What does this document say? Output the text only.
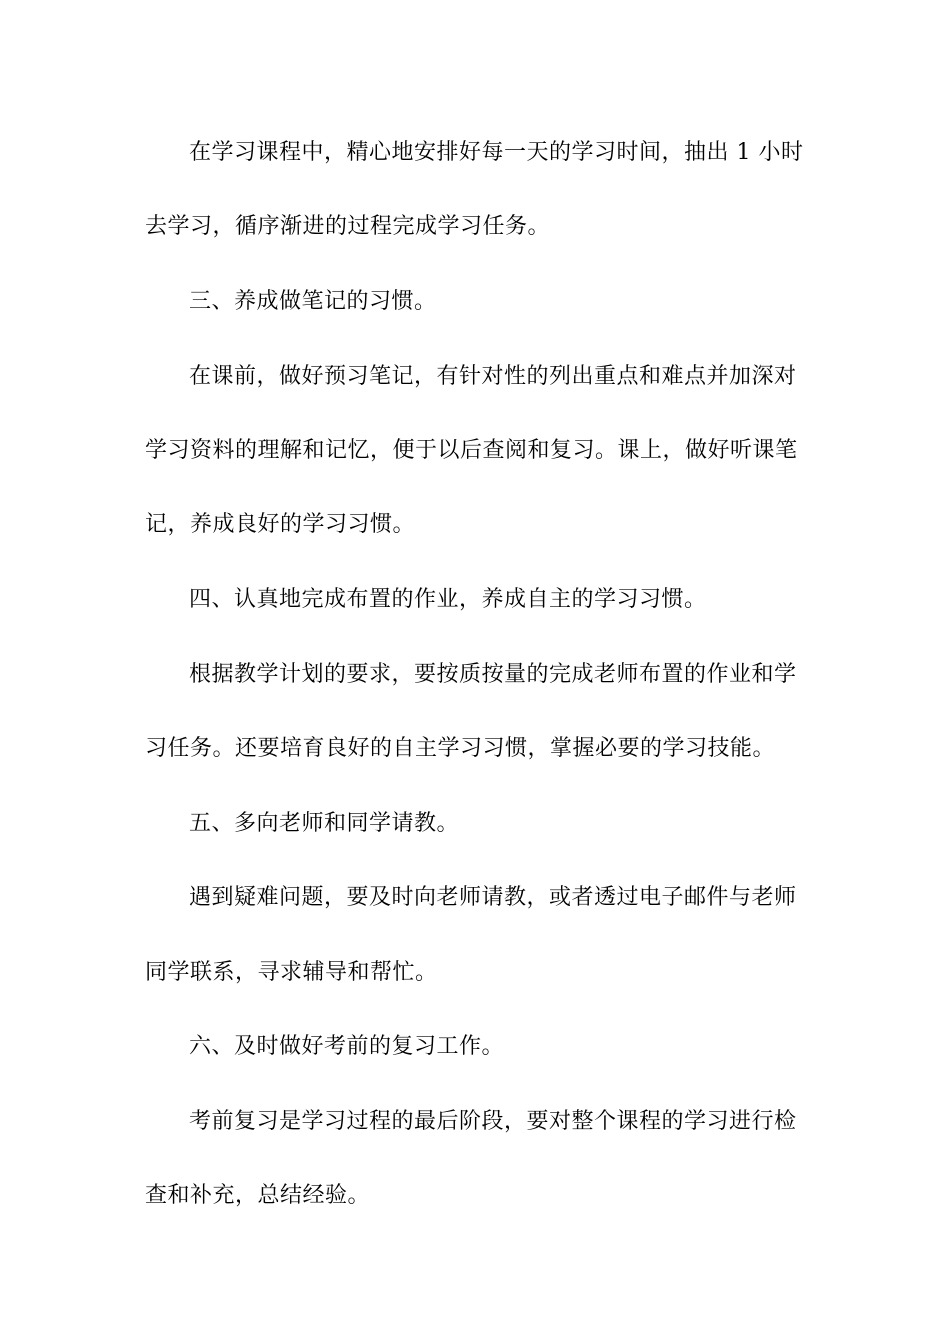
在学习课程中，精心地安排好每一天的学习时间，抽出 1 小时
去学习，循序渐进的过程完成学习任务。
三、养成做笔记的习惯。
在课前，做好预习笔记，有针对性的列出重点和难点并加深对
学习资料的理解和记忆，便于以后查阅和复习。课上，做好听课笔
记，养成良好的学习习惯。
四、认真地完成布置的作业，养成自主的学习习惯。
根据教学计划的要求，要按质按量的完成老师布置的作业和学
习任务。还要培育良好的自主学习习惯，掌握必要的学习技能。
五、多向老师和同学请教。
遇到疑难问题，要及时向老师请教，或者透过电子邮件与老师
同学联系，寻求辅导和帮忙。
六、及时做好考前的复习工作。
考前复习是学习过程的最后阶段，要对整个课程的学习进行检
查和补充，总结经验。
